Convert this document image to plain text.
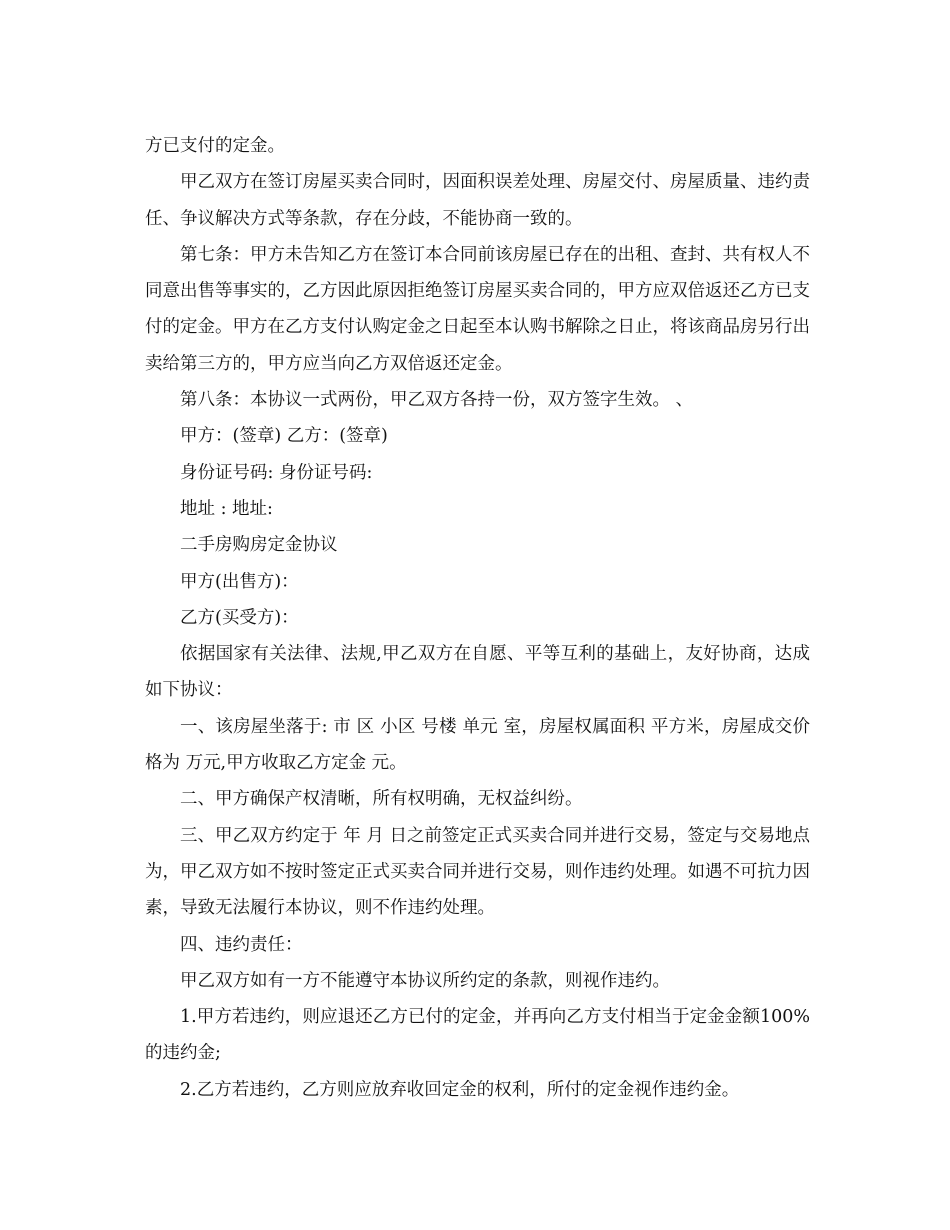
方已支付的定金。

甲乙双方在签订房屋买卖合同时，因面积误差处理、房屋交付、房屋质量、违约责任、争议解决方式等条款，存在分歧，不能协商一致的。

第七条：甲方未告知乙方在签订本合同前该房屋已存在的出租、查封、共有权人不同意出售等事实的，乙方因此原因拒绝签订房屋买卖合同的，甲方应双倍返还乙方已支付的定金。甲方在乙方支付认购定金之日起至本认购书解除之日止，将该商品房另行出卖给第三方的，甲方应当向乙方双倍返还定金。

第八条：本协议一式两份，甲乙双方各持一份，双方签字生效。 、

甲方：(签章) 乙方：(签章)

身份证号码: 身份证号码:

地址 : 地址:

二手房购房定金协议

甲方(出售方)：

乙方(买受方)：

依据国家有关法律、法规,甲乙双方在自愿、平等互利的基础上，友好协商，达成如下协议：

一、该房屋坐落于: 市 区 小区 号楼 单元 室，房屋权属面积 平方米，房屋成交价格为 万元,甲方收取乙方定金 元。

二、甲方确保产权清晰，所有权明确，无权益纠纷。

三、甲乙双方约定于 年 月 日之前签定正式买卖合同并进行交易，签定与交易地点为，甲乙双方如不按时签定正式买卖合同并进行交易，则作违约处理。如遇不可抗力因素，导致无法履行本协议，则不作违约处理。

四、违约责任：

甲乙双方如有一方不能遵守本协议所约定的条款，则视作违约。

1.甲方若违约，则应退还乙方已付的定金，并再向乙方支付相当于定金金额100%的违约金;

2.乙方若违约，乙方则应放弃收回定金的权利，所付的定金视作违约金。
